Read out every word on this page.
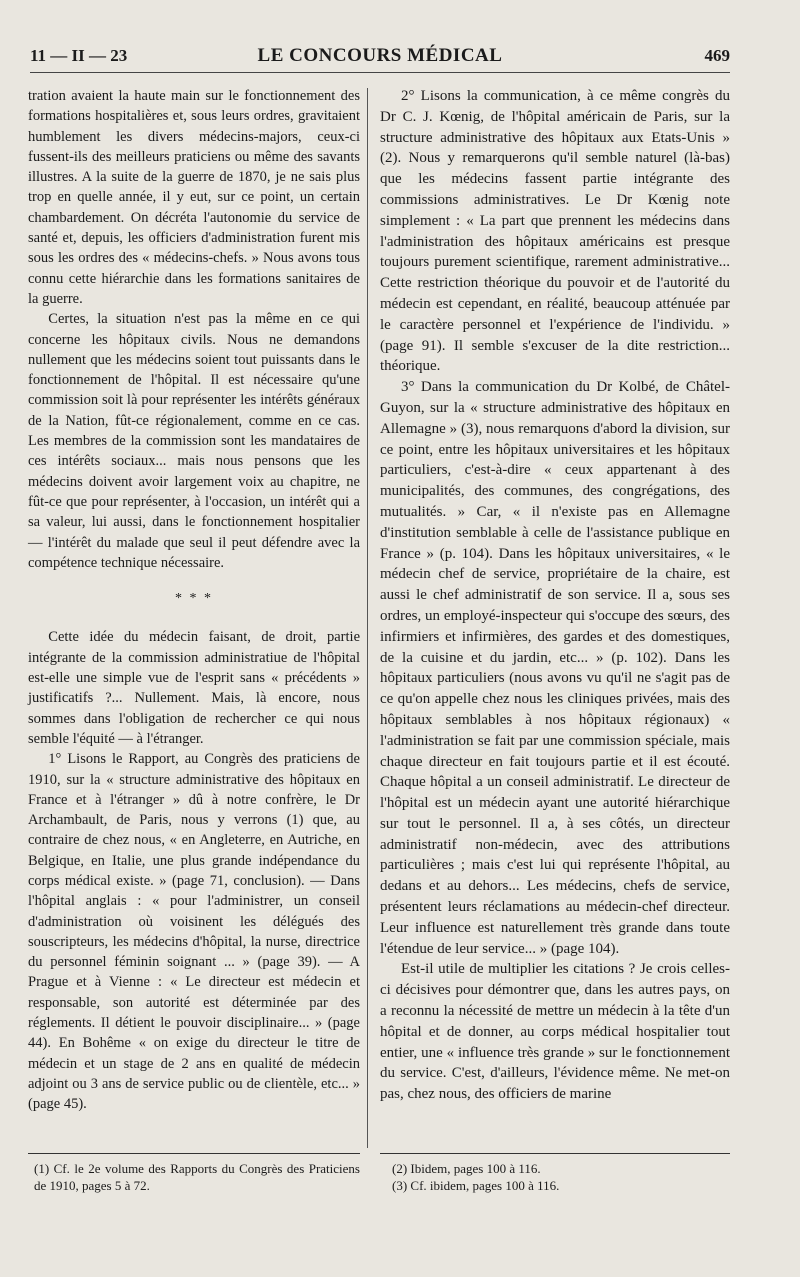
11 — II — 23	LE CONCOURS MÉDICAL	469

tration avaient la haute main sur le fonctionnement des formations hospitalières et, sous leurs ordres, gravitaient humblement les divers médecins-majors, ceux-ci fussent-ils des meilleurs praticiens ou même des savants illustres. A la suite de la guerre de 1870, je ne sais plus trop en quelle année, il y eut, sur ce point, un certain chambardement. On décréta l'autonomie du service de santé et, depuis, les officiers d'administration furent mis sous les ordres des « médecins-chefs. » Nous avons tous connu cette hiérarchie dans les formations sanitaires de la guerre.

Certes, la situation n'est pas la même en ce qui concerne les hôpitaux civils. Nous ne demandons nullement que les médecins soient tout puissants dans le fonctionnement de l'hôpital. Il est nécessaire qu'une commission soit là pour représenter les intérêts généraux de la Nation, fût-ce régionalement, comme en ce cas. Les membres de la commission sont les mandataires de ces intérêts sociaux... mais nous pensons que les médecins doivent avoir largement voix au chapitre, ne fût-ce que pour représenter, à l'occasion, un intérêt qui a sa valeur, lui aussi, dans le fonctionnement hospitalier — l'intérêt du malade que seul il peut défendre avec la compétence technique nécessaire.

* * *

Cette idée du médecin faisant, de droit, partie intégrante de la commission administratiue de l'hôpital est-elle une simple vue de l'esprit sans « précédents » justificatifs ?... Nullement. Mais, là encore, nous sommes dans l'obligation de rechercher ce qui nous semble l'équité — à l'étranger.

1° Lisons le Rapport, au Congrès des praticiens de 1910, sur la « structure administrative des hôpitaux en France et à l'étranger » dû à notre confrère, le Dr Archambault, de Paris, nous y verrons (1) que, au contraire de chez nous, « en Angleterre, en Autriche, en Belgique, en Italie, une plus grande indépendance du corps médical existe. » (page 71, conclusion). — Dans l'hôpital anglais : « pour l'administrer, un conseil d'administration où voisinent les délégués des souscripteurs, les médecins d'hôpital, la nurse, directrice du personnel féminin soignant ... » (page 39). — A Prague et à Vienne : « Le directeur est médecin et responsable, son autorité est déterminée par des réglements. Il détient le pouvoir disciplinaire... » (page 44). En Bohême « on exige du directeur le titre de médecin et un stage de 2 ans en qualité de médecin adjoint ou 3 ans de service public ou de clientèle, etc... » (page 45).

2° Lisons la communication, à ce même congrès du Dr C. J. Kœnig, de l'hôpital américain de Paris, sur la structure administrative des hôpitaux aux Etats-Unis » (2). Nous y remarquerons qu'il semble naturel (là-bas) que les médecins fassent partie intégrante des commissions administratives. Le Dr Kœnig note simplement : « La part que prennent les médecins dans l'administration des hôpitaux américains est presque toujours purement scientifique, rarement administrative... Cette restriction théorique du pouvoir et de l'autorité du médecin est cependant, en réalité, beaucoup atténuée par le caractère personnel et l'expérience de l'individu. » (page 91). Il semble s'excuser de la dite restriction... théorique.

3° Dans la communication du Dr Kolbé, de Châtel-Guyon, sur la « structure administrative des hôpitaux en Allemagne » (3), nous remarquons d'abord la division, sur ce point, entre les hôpitaux universitaires et les hôpitaux particuliers, c'est-à-dire « ceux appartenant à des municipalités, des communes, des congrégations, des mutualités. » Car, « il n'existe pas en Allemagne d'institution semblable à celle de l'assistance publique en France » (p. 104). Dans les hôpitaux universitaires, « le médecin chef de service, propriétaire de la chaire, est aussi le chef administratif de son service. Il a, sous ses ordres, un employé-inspecteur qui s'occupe des sœurs, des infirmiers et infirmières, des gardes et des domestiques, de la cuisine et du jardin, etc... » (p. 102). Dans les hôpitaux particuliers (nous avons vu qu'il ne s'agit pas de ce qu'on appelle chez nous les cliniques privées, mais des hôpitaux semblables à nos hôpitaux régionaux) « l'administration se fait par une commission spéciale, mais chaque directeur en fait toujours partie et il est écouté. Chaque hôpital a un conseil administratif. Le directeur de l'hôpital est un médecin ayant une autorité hiérarchique sur tout le personnel. Il a, à ses côtés, un directeur administratif non-médecin, avec des attributions particulières ; mais c'est lui qui représente l'hôpital, au dedans et au dehors... Les médecins, chefs de service, présentent leurs réclamations au médecin-chef directeur. Leur influence est naturellement très grande dans toute l'étendue de leur service... » (page 104).

Est-il utile de multiplier les citations ? Je crois celles-ci décisives pour démontrer que, dans les autres pays, on a reconnu la nécessité de mettre un médecin à la tête d'un hôpital et de donner, au corps médical hospitalier tout entier, une « influence très grande » sur le fonctionnement du service. C'est, d'ailleurs, l'évidence même. Ne met-on pas, chez nous, des officiers de marine

(1) Cf. le 2e volume des Rapports du Congrès des Praticiens de 1910, pages 5 à 72.
(2) Ibidem, pages 100 à 116.
(3) Cf. ibidem, pages 100 à 116.
